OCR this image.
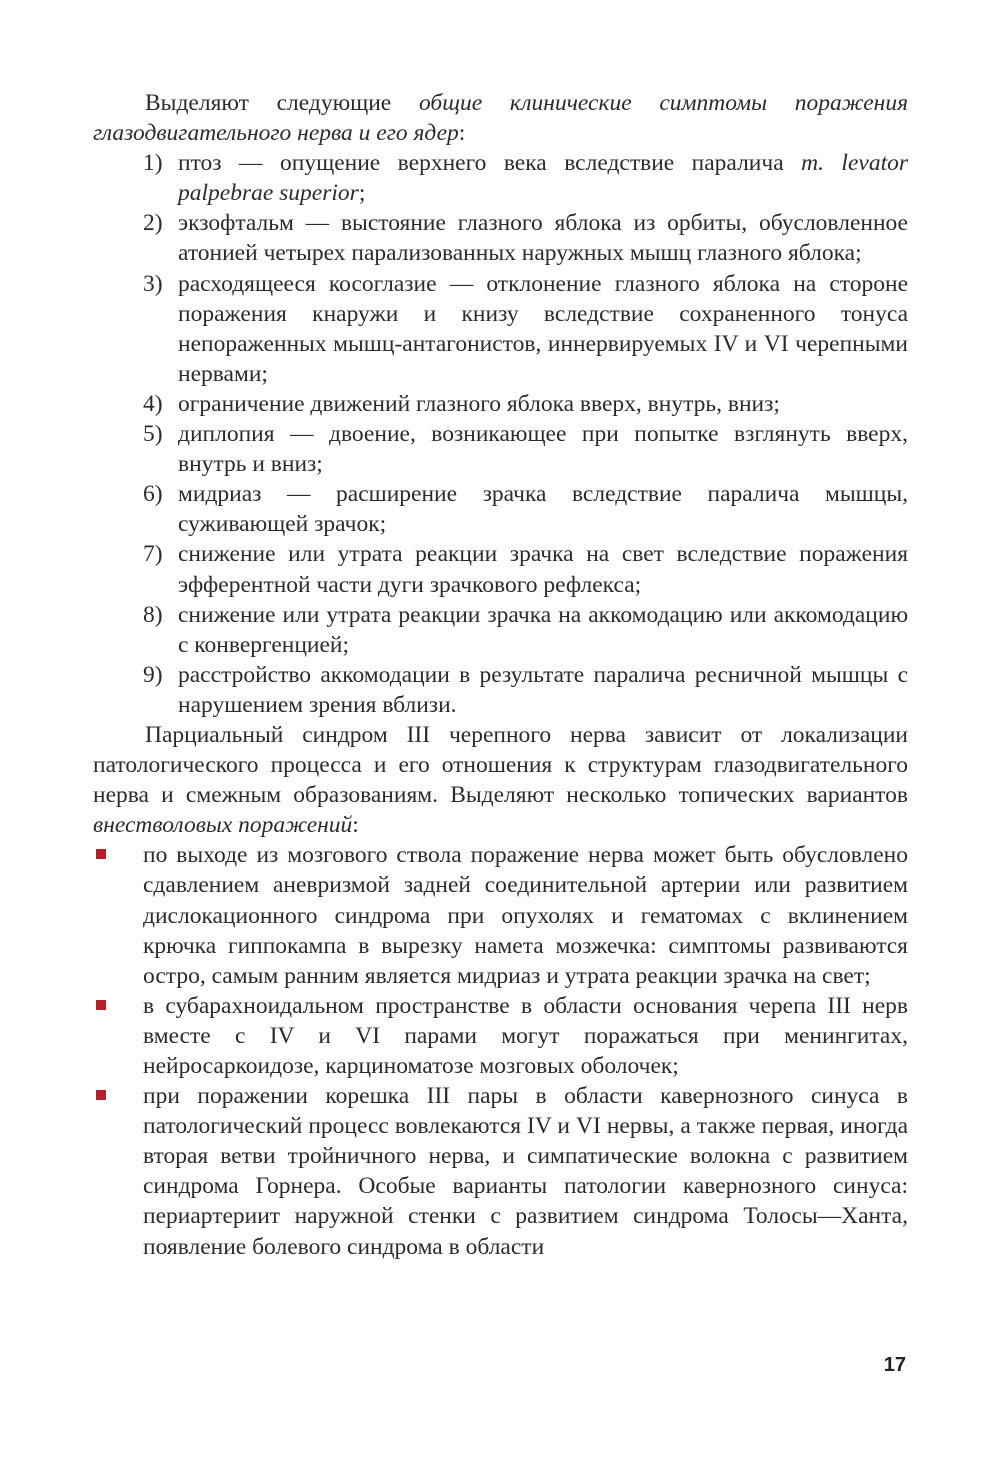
Выделяют следующие общие клинические симптомы поражения глазодвигательного нерва и его ядер:

1) птоз — опущение верхнего века вследствие паралича m. levator palpebrae superior;
2) экзофтальм — выстояние глазного яблока из орбиты, обусловленное атонией четырех парализованных наружных мышц глазного яблока;
3) расходящееся косоглазие — отклонение глазного яблока на стороне поражения кнаружи и книзу вследствие сохраненного тонуса непораженных мышц-антагонистов, иннервируемых IV и VI черепными нервами;
4) ограничение движений глазного яблока вверх, внутрь, вниз;
5) диплопия — двоение, возникающее при попытке взглянуть вверх, внутрь и вниз;
6) мидриаз — расширение зрачка вследствие паралича мышцы, суживающей зрачок;
7) снижение или утрата реакции зрачка на свет вследствие поражения эфферентной части дуги зрачкового рефлекса;
8) снижение или утрата реакции зрачка на аккомодацию или аккомодацию с конвергенцией;
9) расстройство аккомодации в результате паралича ресничной мышцы с нарушением зрения вблизи.

Парциальный синдром III черепного нерва зависит от локализации патологического процесса и его отношения к структурам глазодвигательного нерва и смежным образованиям. Выделяют несколько топических вариантов внестволовых поражений:

по выходе из мозгового ствола поражение нерва может быть обусловлено сдавлением аневризмой задней соединительной артерии или развитием дислокационного синдрома при опухолях и гематомах с вклинением крючка гиппокампа в вырезку намета мозжечка: симптомы развиваются остро, самым ранним является мидриаз и утрата реакции зрачка на свет;
в субарахноидальном пространстве в области основания черепа III нерв вместе с IV и VI парами могут поражаться при менингитах, нейросаркоидозе, карциноматозе мозговых оболочек;
при поражении корешка III пары в области кавернозного синуса в патологический процесс вовлекаются IV и VI нервы, а также первая, иногда вторая ветви тройничного нерва, и симпатические волокна с развитием синдрома Горнера. Особые варианты патологии кавернозного синуса: периартериит наружной стенки с развитием синдрома Толосы—Ханта, появление болевого синдрома в области
17
